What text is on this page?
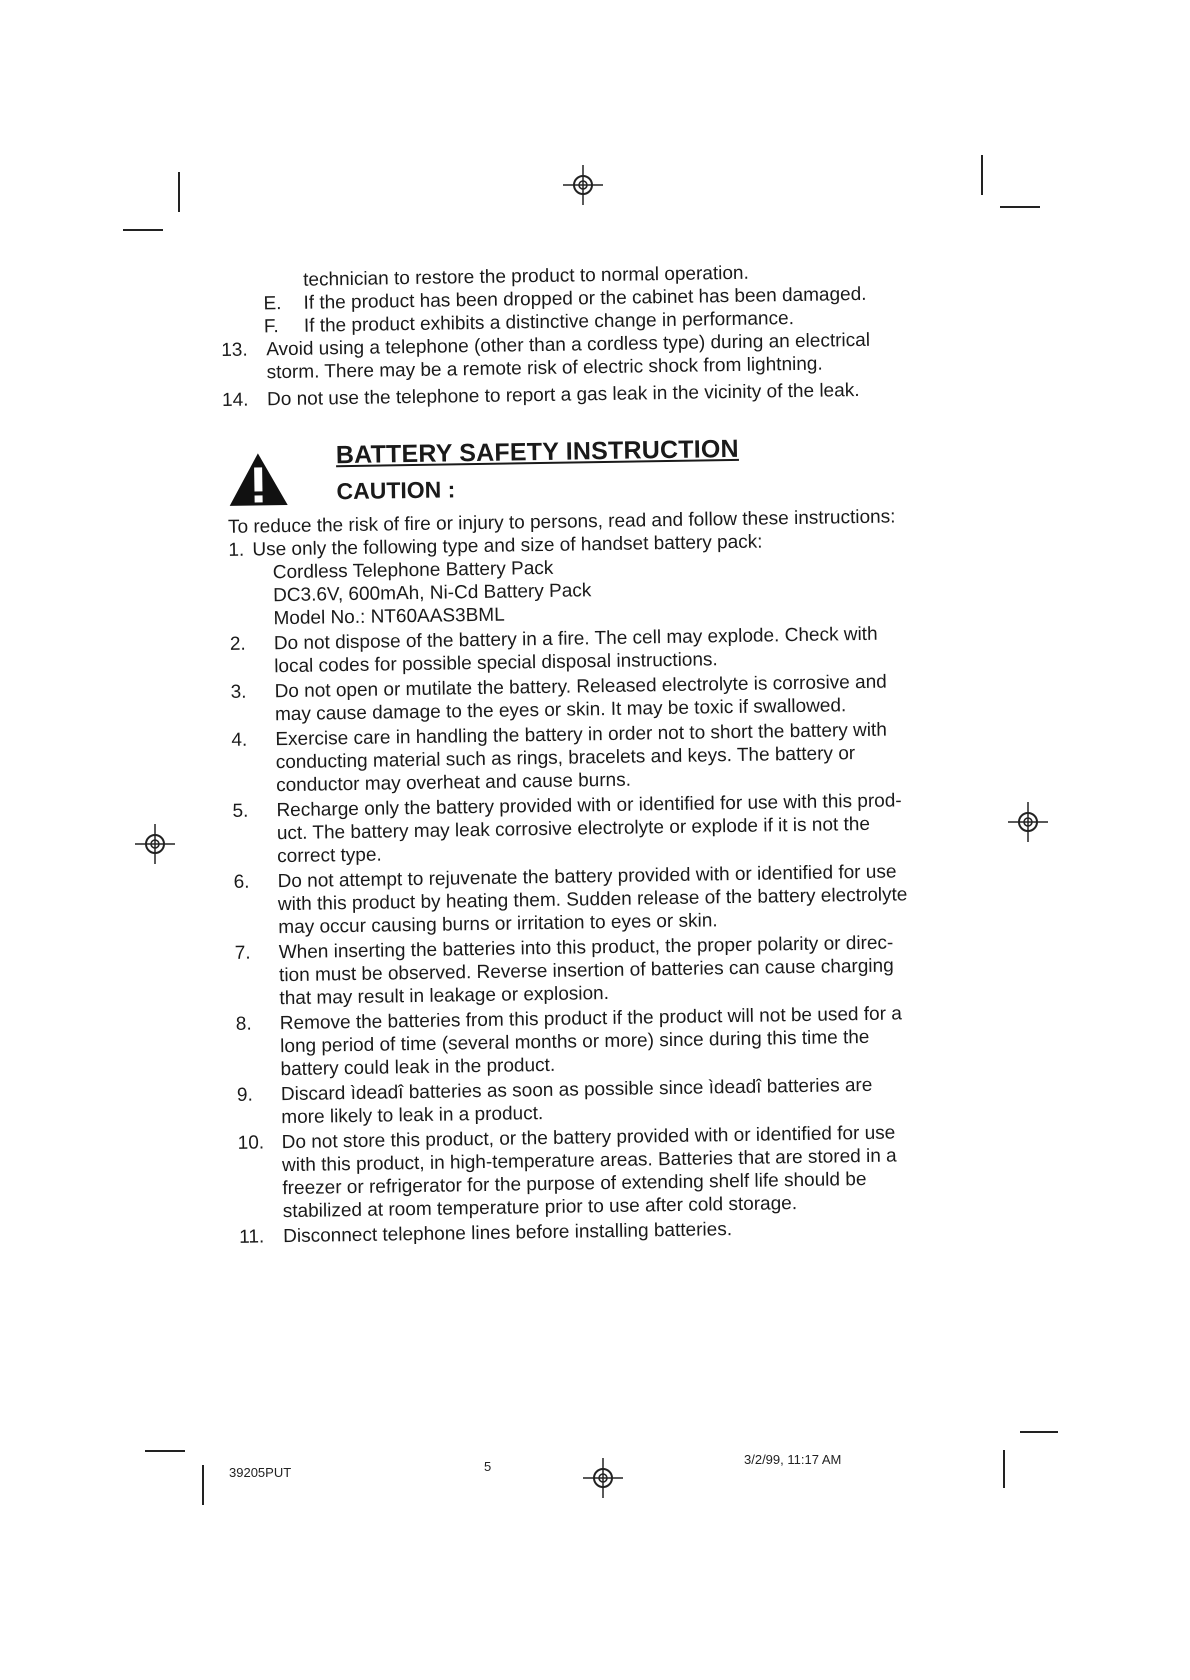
technician to restore the product to normal operation.
E.	If the product has been dropped or the cabinet has been damaged.
F.	If the product exhibits a distinctive change in performance.
13. Avoid using a telephone (other than a cordless type) during an electrical
storm. There may be a remote risk of electric shock from lightning.
14. Do not use the telephone to report a gas leak in the vicinity of the leak.
BATTERY SAFETY INSTRUCTION
CAUTION :
To reduce the risk of fire or injury to persons, read and follow these instructions:
1. Use only the following type and size of handset battery pack:
Cordless Telephone Battery Pack
DC3.6V, 600mAh, Ni-Cd Battery Pack
Model No.: NT60AAS3BML
2.	Do not dispose of the battery in a fire. The cell may explode. Check with
local codes for possible special disposal instructions.
3.	Do not open or mutilate the battery. Released electrolyte is corrosive and
may cause damage to the eyes or skin. It may be toxic if swallowed.
4.	Exercise care in handling the battery in order not to short the battery with
conducting material such as rings, bracelets and keys. The battery or
conductor may overheat and cause burns.
5.	Recharge only the battery provided with or identified for use with this prod-
uct. The battery may leak corrosive electrolyte or explode if it is not the
correct type.
6.	Do not attempt to rejuvenate the battery provided with or identified for use
with this product by heating them. Sudden release of the battery electrolyte
may occur causing burns or irritation to eyes or skin.
7.	When inserting the batteries into this product, the proper polarity or direc-
tion must be observed. Reverse insertion of batteries can cause charging
that may result in leakage or explosion.
8.	Remove the batteries from this product if the product will not be used for a
long period of time (several months or more) since during this time the
battery could leak in the product.
9.	Discard ìdeadî batteries as soon as possible since ìdeadî batteries are
more likely to leak in a product.
10. Do not store this product, or the battery provided with or identified for use
with this product, in high-temperature areas. Batteries that are stored in a
freezer or refrigerator for the purpose of extending shelf life should be
stabilized at room temperature prior to use after cold storage.
11. Disconnect telephone lines before installing batteries.
39205PUT	5	3/2/99, 11:17 AM
